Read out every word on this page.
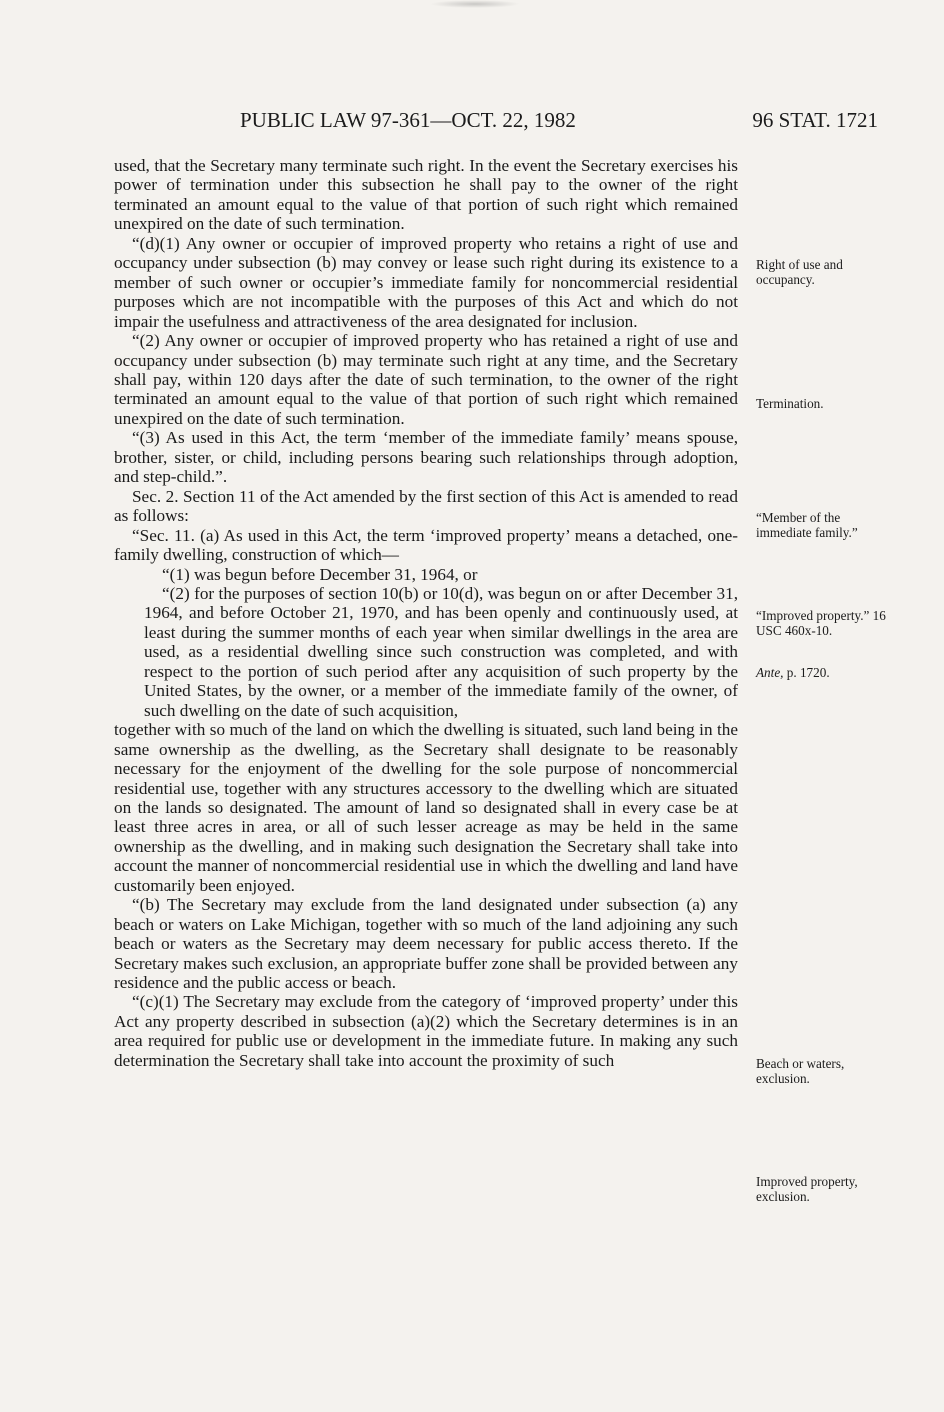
PUBLIC LAW 97-361—OCT. 22, 1982	96 STAT. 1721

used, that the Secretary many terminate such right. In the event the Secretary exercises his power of termination under this subsection he shall pay to the owner of the right terminated an amount equal to the value of that portion of such right which remained unexpired on the date of such termination.

“(d)(1) Any owner or occupier of improved property who retains a right of use and occupancy under subsection (b) may convey or lease such right during its existence to a member of such owner or occupier’s immediate family for noncommercial residential purposes which are not incompatible with the purposes of this Act and which do not impair the usefulness and attractiveness of the area designated for inclusion.

“(2) Any owner or occupier of improved property who has retained a right of use and occupancy under subsection (b) may terminate such right at any time, and the Secretary shall pay, within 120 days after the date of such termination, to the owner of the right terminated an amount equal to the value of that portion of such right which remained unexpired on the date of such termination.

“(3) As used in this Act, the term ‘member of the immediate family’ means spouse, brother, sister, or child, including persons bearing such relationships through adoption, and step-child.”.

Sec. 2. Section 11 of the Act amended by the first section of this Act is amended to read as follows:

“Sec. 11. (a) As used in this Act, the term ‘improved property’ means a detached, one-family dwelling, construction of which—

“(1) was begun before December 31, 1964, or

“(2) for the purposes of section 10(b) or 10(d), was begun on or after December 31, 1964, and before October 21, 1970, and has been openly and continuously used, at least during the summer months of each year when similar dwellings in the area are used, as a residential dwelling since such construction was completed, and with respect to the portion of such period after any acquisition of such property by the United States, by the owner, or a member of the immediate family of the owner, of such dwelling on the date of such acquisition,

together with so much of the land on which the dwelling is situated, such land being in the same ownership as the dwelling, as the Secretary shall designate to be reasonably necessary for the enjoyment of the dwelling for the sole purpose of noncommercial residential use, together with any structures accessory to the dwelling which are situated on the lands so designated. The amount of land so designated shall in every case be at least three acres in area, or all of such lesser acreage as may be held in the same ownership as the dwelling, and in making such designation the Secretary shall take into account the manner of noncommercial residential use in which the dwelling and land have customarily been enjoyed.

“(b) The Secretary may exclude from the land designated under subsection (a) any beach or waters on Lake Michigan, together with so much of the land adjoining any such beach or waters as the Secretary may deem necessary for public access thereto. If the Secretary makes such exclusion, an appropriate buffer zone shall be provided between any residence and the public access or beach.

“(c)(1) The Secretary may exclude from the category of ‘improved property’ under this Act any property described in subsection (a)(2) which the Secretary determines is in an area required for public use or development in the immediate future. In making any such determination the Secretary shall take into account the proximity of such

Right of use and occupancy.
Termination.
“Member of the immediate family.”
“Improved property.” 16 USC 460x-10.
Ante, p. 1720.
Beach or waters, exclusion.
Improved property, exclusion.
